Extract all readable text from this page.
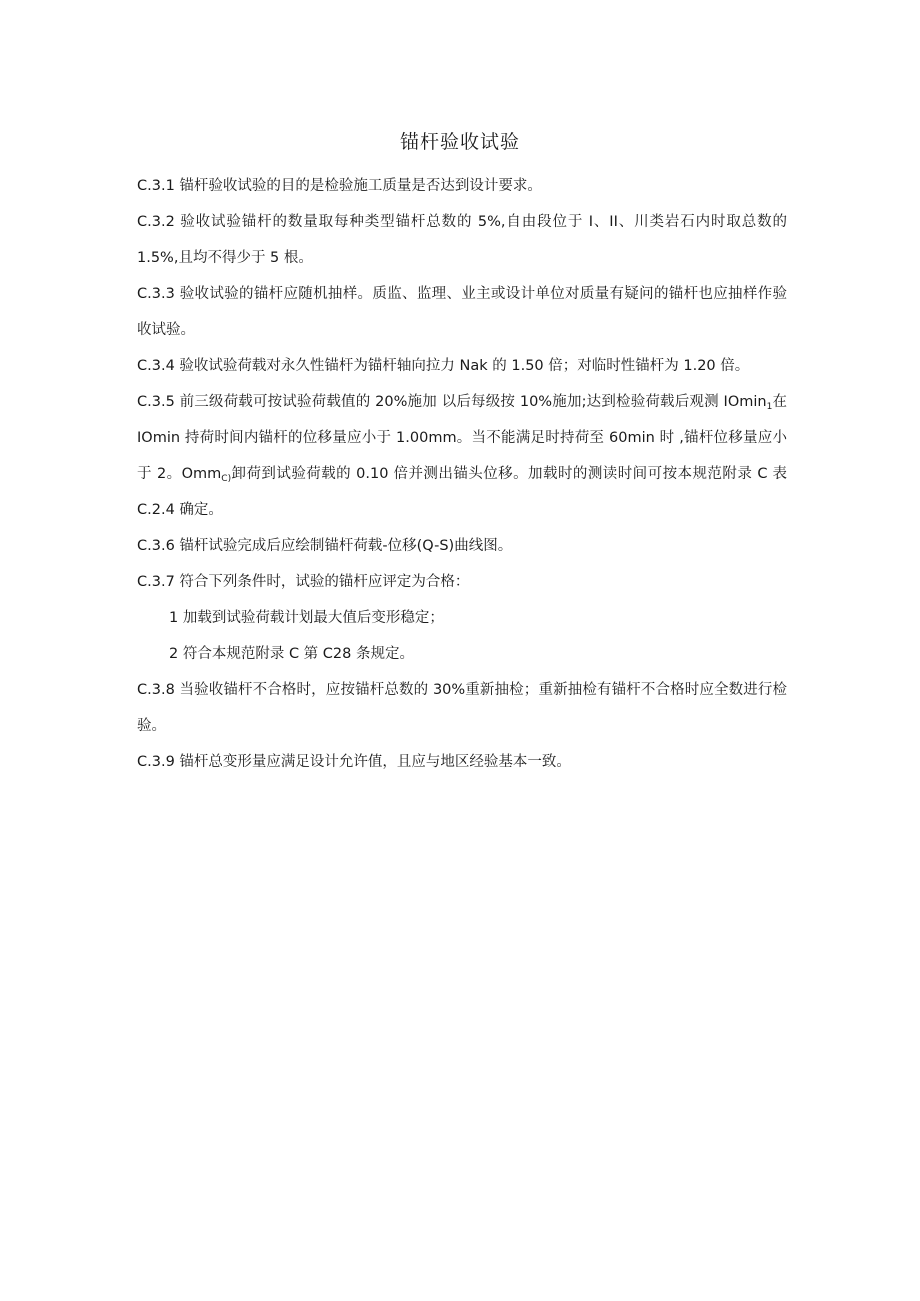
锚杆验收试验

C.3.1 锚杆验收试验的目的是检验施工质量是否达到设计要求。

C.3.2 验收试验锚杆的数量取每种类型锚杆总数的 5%,自由段位于 I、II、川类岩石内时取总数的 1.5%,且均不得少于 5 根。

C.3.3 验收试验的锚杆应随机抽样。质监、监理、业主或设计单位对质量有疑问的锚杆也应抽样作验收试验。

C.3.4 验收试验荷载对永久性锚杆为锚杆轴向拉力 Nak 的 1.50 倍；对临时性锚杆为 1.20 倍。

C.3.5 前三级荷载可按试验荷载值的 20%施加 以后每级按 10%施加;达到检验荷载后观测 IOmin$_1$在 IOmin 持荷时间内锚杆的位移量应小于 1.00mm。当不能满足时持荷至 60min 时 ,锚杆位移量应小于 2。Omm$_{C)}$卸荷到试验荷载的 0.10 倍并测出锚头位移。加载时的测读时间可按本规范附录 C 表 C.2.4 确定。

C.3.6 锚杆试验完成后应绘制锚杆荷载-位移(Q-S)曲线图。

C.3.7 符合下列条件时，试验的锚杆应评定为合格：

1 加载到试验荷载计划最大值后变形稳定；

2 符合本规范附录 C 第 C28 条规定。

C.3.8 当验收锚杆不合格时，应按锚杆总数的 30%重新抽检；重新抽检有锚杆不合格时应全数进行检验。

C.3.9 锚杆总变形量应满足设计允许值，且应与地区经验基本一致。
